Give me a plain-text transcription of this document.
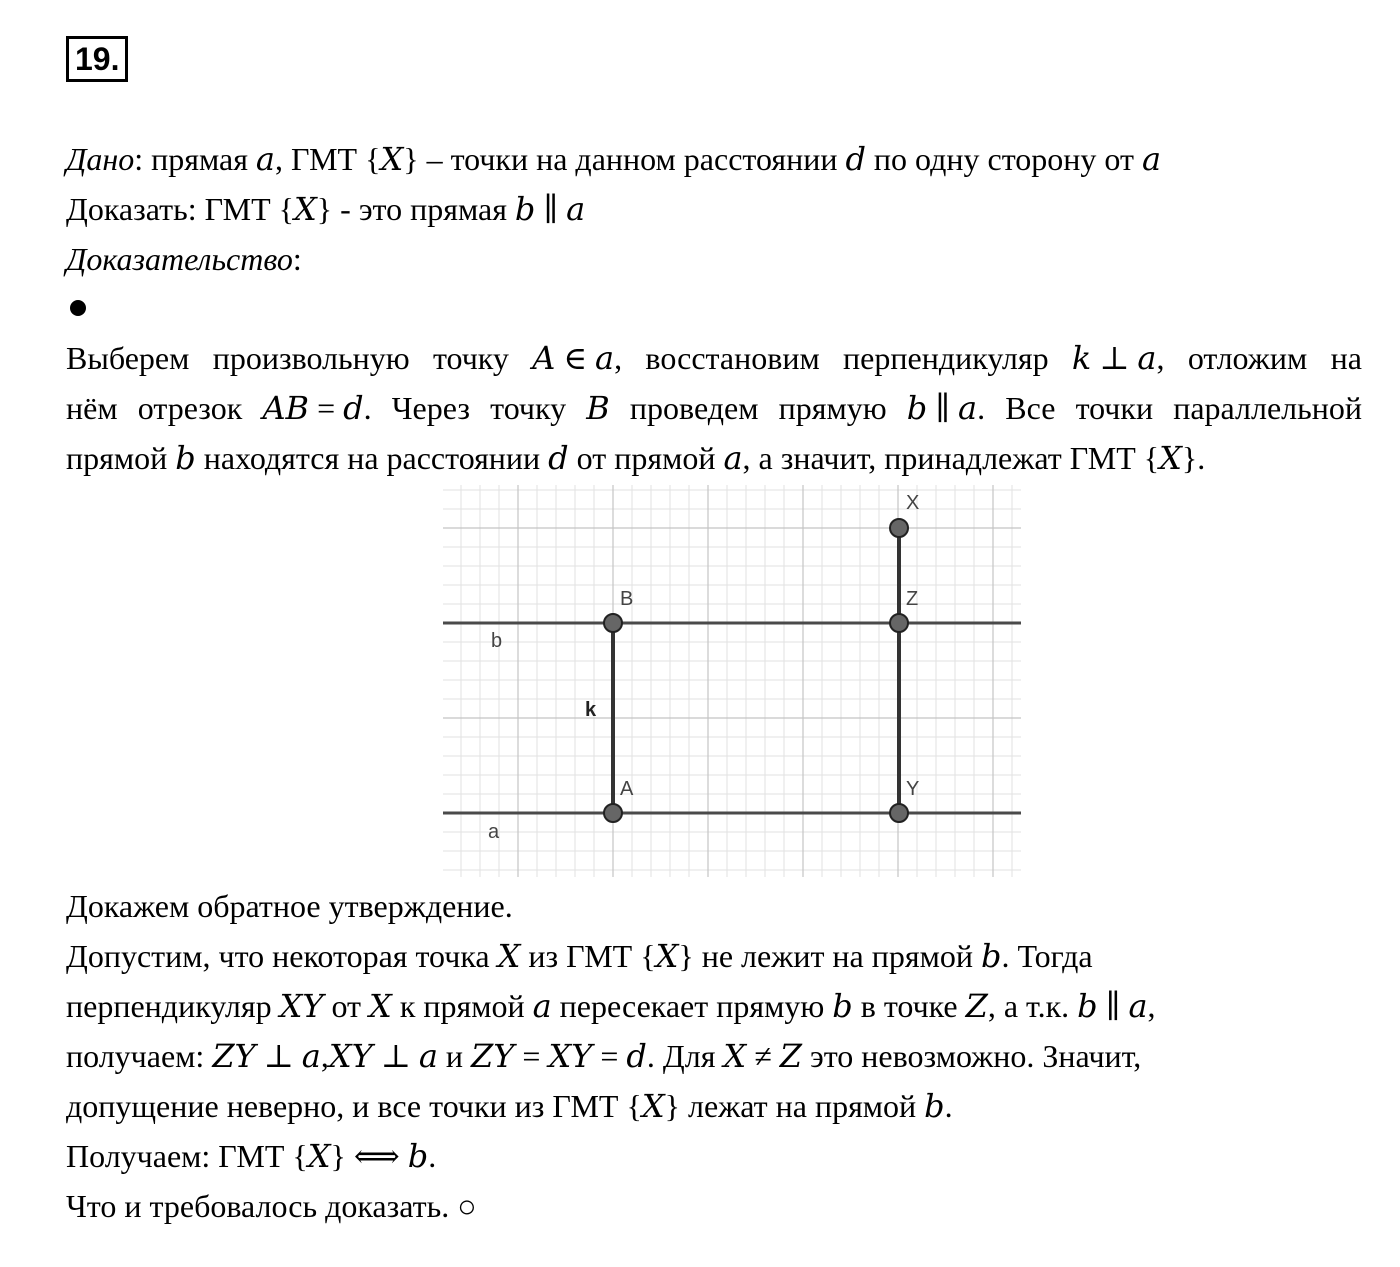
19.
Дано: прямая 𝑎, ГМТ {𝑋} – точки на данном расстоянии 𝑑 по одну сторону от 𝑎
Доказать: ГМТ {𝑋} - это прямая 𝑏 ∥ 𝑎
Доказательство:
Выберем произвольную точку 𝐴 ∈ 𝑎, восстановим перпендикуляр 𝑘 ⊥ 𝑎, отложим на
нём отрезок 𝐴𝐵 = 𝑑. Через точку 𝐵 проведем прямую 𝑏 ∥ 𝑎. Все точки параллельной
прямой 𝑏 находятся на расстоянии 𝑑 от прямой 𝑎, а значит, принадлежат ГМТ {𝑋}.
X
B	Z
A	Y
b
a
k
Докажем обратное утверждение.
Допустим, что некоторая точка 𝑋 из ГМТ {𝑋} не лежит на прямой 𝑏. Тогда
перпендикуляр 𝑋𝑌 от 𝑋 к прямой 𝑎 пересекает прямую 𝑏 в точке 𝑍, а т.к. 𝑏 ∥ 𝑎,
получаем: 𝑍𝑌 ⊥ 𝑎,𝑋𝑌 ⊥ 𝑎 и 𝑍𝑌 = 𝑋𝑌 = 𝑑. Для 𝑋 ≠ 𝑍 это невозможно. Значит,
допущение неверно, и все точки из ГМТ {𝑋} лежат на прямой 𝑏.
Получаем: ГМТ {𝑋} ⟺ 𝑏.
Что и требовалось доказать. ○
